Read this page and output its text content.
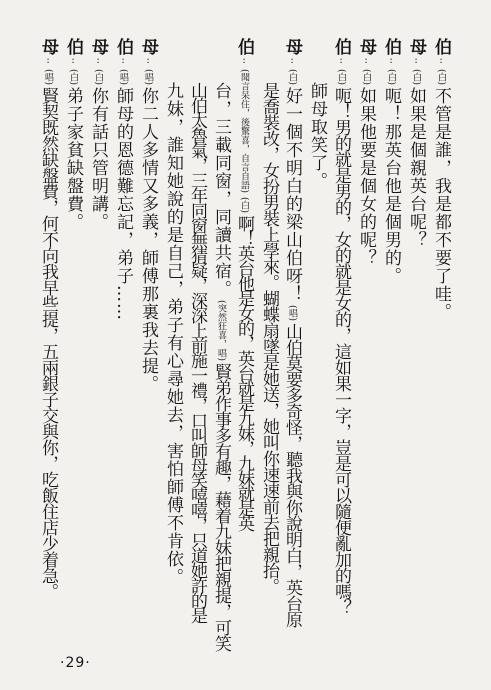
伯
:
(白)
不管是誰，我是都不要了哇。
母
:
(白)
如果是個親英台呢？
伯
:
(白)
呃！那英台他是個男的。
母
:
(白)
如果他要是個女的呢？
伯
:
(白)
呃！男的就是男的，女的就是女的，這如果一字，豈是可以隨便亂加的嗎？
師母取笑了。
母
:
(白)
好一個不明白的梁山伯呀！
(唱)
山伯莫要多奇怪，聽我與你說明白，英台原
是喬裝改，女扮男裝上學來。蝴蝶扇墜是她送，她叫你速速前去把親抬。
伯
:
(聞言呆住，後驚喜，自言自語)
(白)
啊！英台他是女的，英台就是九妹，九妹就是英
台，三載同窗，同讀共宿。
(突然狂喜，唱)
賢弟作事多有趣，藉着九妹把親提，可笑
山伯太魯氣，三年同窗無猜疑，深深上前施一禮，口叫師母笑嘻嘻，只道她許的是
九妹，誰知她說的是自己，弟子有心尋她去，害怕師傅不肯依。
母
:
(唱)
你二人多情又多義，師傅那裏我去提。
伯
:
(唱)
師母的恩德難忘記，弟子……
母
:
(白)
你有話只管明講。
伯
:
(白)
弟子家貧缺盤費。
母
:
(唱)
賢契既然缺盤費，何不向我早些提，五兩銀子交與你，吃飯住店少着急。
·29·
